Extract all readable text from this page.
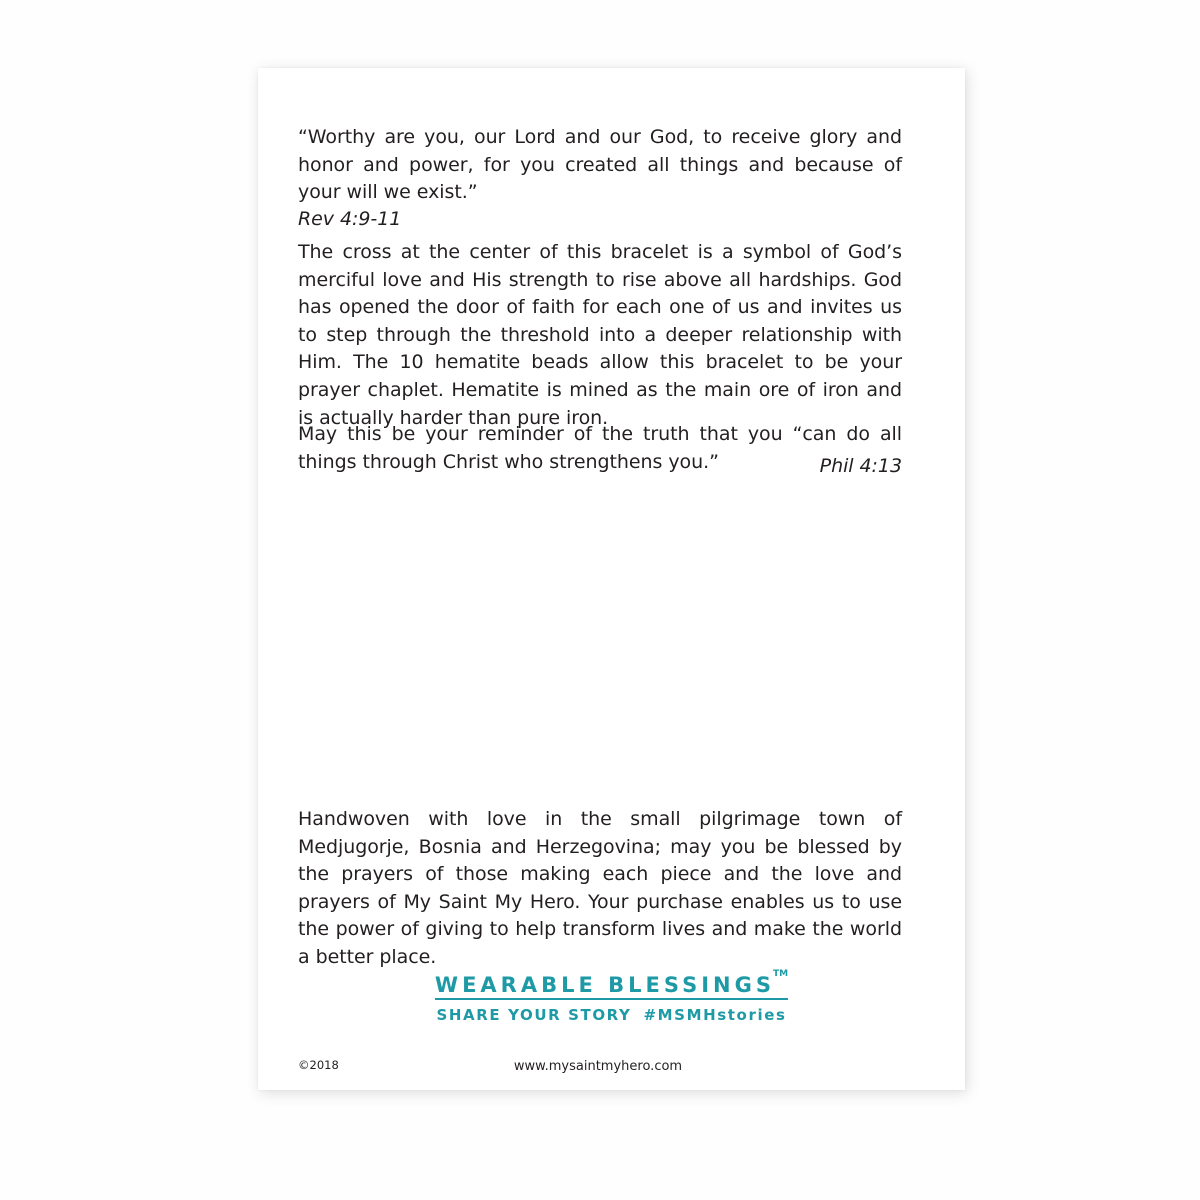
“Worthy are you, our Lord and our God, to receive glory and honor and power, for you created all things and because of your will we exist.”
Rev 4:9-11
The cross at the center of this bracelet is a symbol of God’s merciful love and His strength to rise above all hardships. God has opened the door of faith for each one of us and invites us to step through the threshold into a deeper relationship with Him. The 10 hematite beads allow this bracelet to be your prayer chaplet. Hematite is mined as the main ore of iron and is actually harder than pure iron.
May this be your reminder of the truth that you “can do all things through Christ who strengthens you.”	Phil 4:13
Handwoven with love in the small pilgrimage town of Medjugorje, Bosnia and Herzegovina; may you be blessed by the prayers of those making each piece and the love and prayers of My Saint My Hero. Your purchase enables us to use the power of giving to help transform lives and make the world a better place.
WEARABLE BLESSINGS™
SHARE YOUR STORY #MSMHstories
©2018	www.mysaintmyhero.com
